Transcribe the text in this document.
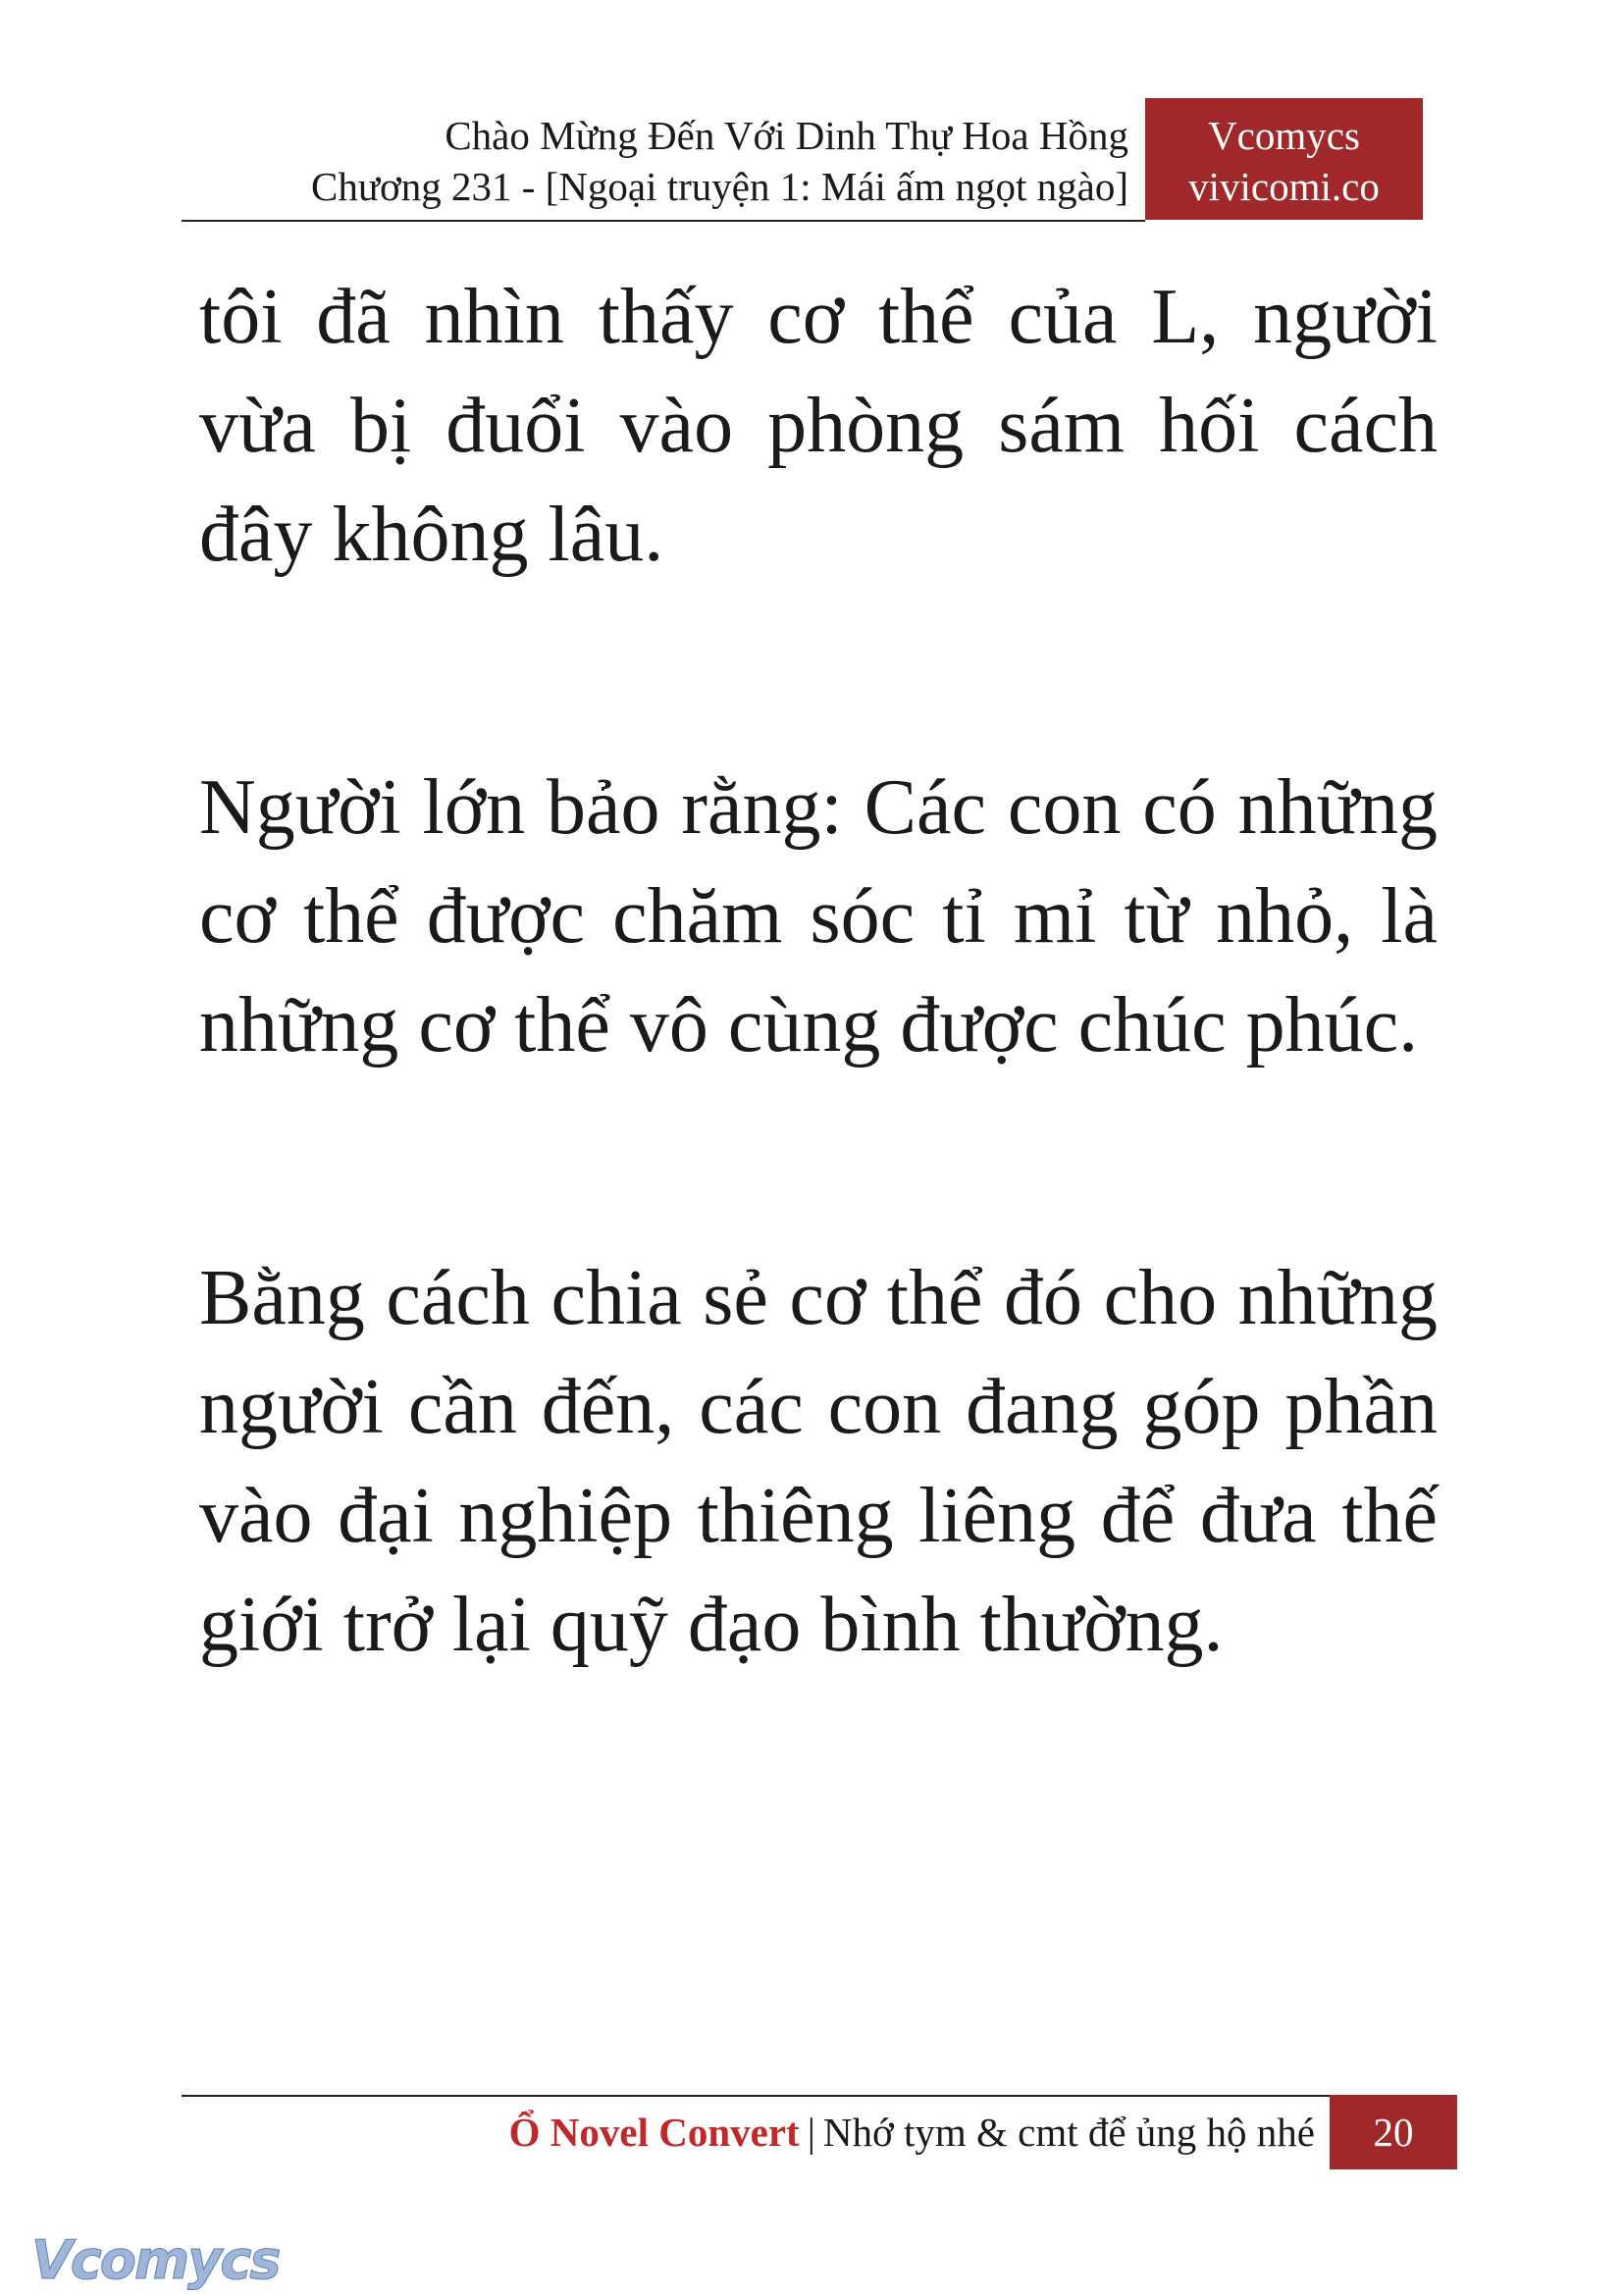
Chào Mừng Đến Với Dinh Thự Hoa Hồng
Chương 231 - [Ngoại truyện 1: Mái ấm ngọt ngào]
Vcomycs
vivicomi.co

tôi đã nhìn thấy cơ thể của L, người vừa bị đuổi vào phòng sám hối cách đây không lâu.

Người lớn bảo rằng: Các con có những cơ thể được chăm sóc tỉ mỉ từ nhỏ, là những cơ thể vô cùng được chúc phúc.

Bằng cách chia sẻ cơ thể đó cho những người cần đến, các con đang góp phần vào đại nghiệp thiêng liêng để đưa thế giới trở lại quỹ đạo bình thường.

Ổ Novel Convert | Nhớ tym & cmt để ủng hộ nhé	20
Vcomycs
